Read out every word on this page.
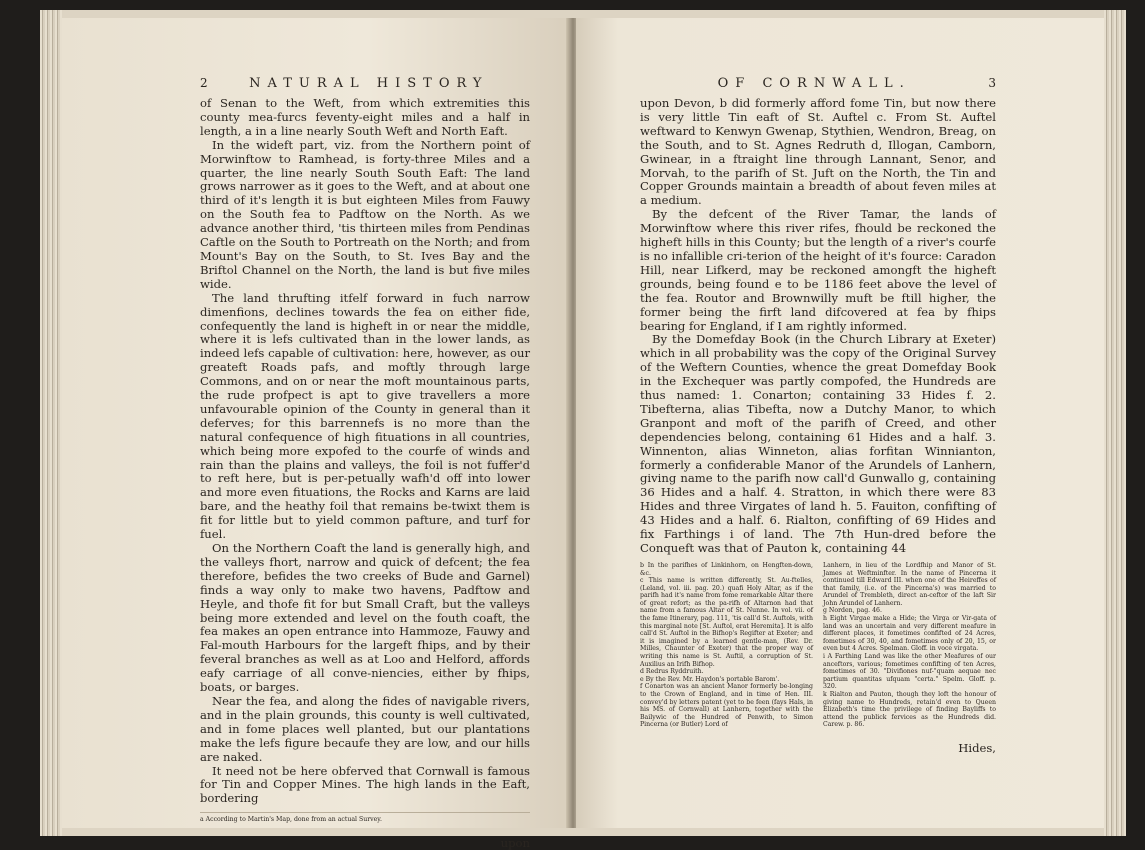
2	NATURAL HISTORY

of Senan to the Weft, from which extremities this county mea-furcs feventy-eight miles and a half in length, a in a line nearly South Weft and North Eaft.

In the wideft part, viz. from the Northern point of Morwinftow to Ramhead, is forty-three Miles and a quarter, the line nearly South South Eaft: The land grows narrower as it goes to the Weft, and at about one third of it's length it is but eighteen Miles from Fauwy on the South fea to Padftow on the North. As we advance another third, 'tis thirteen miles from Pendinas Caftle on the South to Portreath on the North; and from Mount's Bay on the South, to St. Ives Bay and the Briftol Channel on the North, the land is but five miles wide.

The land thrufting itfelf forward in fuch narrow dimenfions, declines towards the fea on either fide, confequently the land is higheft in or near the middle, where it is lefs cultivated than in the lower lands, as indeed lefs capable of cultivation: here, however, as our greateft Roads pafs, and moftly through large Commons, and on or near the moft mountainous parts, the rude profpect is apt to give travellers a more unfavourable opinion of the County in general than it deferves; for this barrennefs is no more than the natural confequence of high fituations in all countries, which being more expofed to the courfe of winds and rain than the plains and valleys, the foil is not fuffer'd to reft here, but is per-petually wafh'd off into lower and more even fituations, the Rocks and Karns are laid bare, and the heathy foil that remains be-twixt them is fit for little but to yield common pafture, and turf for fuel.

On the Northern Coaft the land is generally high, and the valleys fhort, narrow and quick of defcent; the fea therefore, befides the two creeks of Bude and Garnel) finds a way only to make two havens, Padftow and Heyle, and thofe fit for but Small Craft, but the valleys being more extended and level on the fouth coaft, the fea makes an open entrance into Hammoze, Fauwy and Fal-mouth Harbours for the largeft fhips, and by their feveral branches as well as at Loo and Helford, affords eafy carriage of all conve-niencies, either by fhips, boats, or barges.

Near the fea, and along the fides of navigable rivers, and in the plain grounds, this county is well cultivated, and in fome places well planted, but our plantations make the lefs figure becaufe they are low, and our hills are naked.

It need not be here obferved that Cornwall is famous for Tin and Copper Mines. The high lands in the Eaft, bordering

a According to Martin's Map, done from an actual Survey.

upon
OF CORNWALL.	3

upon Devon, b did formerly afford fome Tin, but now there is very little Tin eaft of St. Auftel c. From St. Auftel weftward to Kenwyn Gwenap, Stythien, Wendron, Breag, on the South, and to St. Agnes Redruth d, Illogan, Camborn, Gwinear, in a ftraight line through Lannant, Senor, and Morvah, to the parifh of St. Juft on the North, the Tin and Copper Grounds maintain a breadth of about feven miles at a medium.

By the defcent of the River Tamar, the lands of Morwinftow where this river rifes, fhould be reckoned the higheft hills in this County; but the length of a river's courfe is no infallible cri-terion of the height of it's fource: Caradon Hill, near Lifkerd, may be reckoned amongft the higheft grounds, being found e to be 1186 feet above the level of the fea. Routor and Brownwilly muft be ftill higher, the former being the firft land difcovered at fea by fhips bearing for England, if I am rightly informed.

By the Domefday Book (in the Church Library at Exeter) which in all probability was the copy of the Original Survey of the Weftern Counties, whence the great Domefday Book in the Exchequer was partly compofed, the Hundreds are thus named: 1. Conarton; containing 33 Hides f. 2. Tibefterna, alias Tibefta, now a Dutchy Manor, to which Granpont and moft of the parifh of Creed, and other dependencies belong, containing 61 Hides and a half. 3. Winnenton, alias Winneton, alias forfitan Winnianton, formerly a confiderable Manor of the Arundels of Lanhern, giving name to the parifh now call'd Gunwallo g, containing 36 Hides and a half. 4. Stratton, in which there were 83 Hides and three Virgates of land h. 5. Fauiton, confifting of 43 Hides and a half. 6. Rialton, confifting of 69 Hides and fix Farthings i of land. The 7th Hun-dred before the Conqueft was that of Pauton k, containing 44

b In the parifhes of Linkinhorn, on Hengften-down, &c.

c This name is written differently, St. Au-ftelles, (Leland, vol. iii. pag. 20.) quafi Holy Altar, as if the parifh had it's name from fome remarkable Altar there of great refort; as the pa-rifh of Altarnon had that name from a famous Altar of St. Nunne. In vol. vii. of the fame Itinerary, pag. 111, 'tis call'd St. Auftols, with this marginal note [St. Auftol, erat Heremita]. It is alfo call'd St. Auftol in the Bifhop's Regifter at Exeter; and it is imagined by a learned gentle-man, (Rev. Dr. Milles, Chaunter of Exeter) that the proper way of writing this name is St. Auftil, a corruption of St. Auxilius an Irifh Bifhop.

d Redrus Ryddruith.

e By the Rev. Mr. Haydon's portable Barom'.

f Conarton was an ancient Manor formerly be-longing to the Crown of England, and in time of Hen. III. convey'd by letters patent (yet to be feen (fays Hals, in his MS. of Cornwall) at Lanhern, together with the Bailywic of the Hundred of Penwith, to Simon Pincerna (or Butler) Lord of

Lanhern, in lieu of the Lordfhip and Manor of St. James at Weftminfter. In the name of Pincerna it continued till Edward III. when one of the Heireffes of that family, (i.e. of the Pincerna's) was married to Arundel of Trembleth, direct an-ceftor of the laft Sir John Arundel of Lanhern.

g Norden, pag. 46.

h Eight Virgae make a Hide; the Virga or Vir-gata of land was an uncertain and very different meafure in different places, it fometimes confifted of 24 Acres, fometimes of 30, 40, and fometimes only of 20, 15, or even but 4 Acres. Spelman. Gloff. in voce virgata.

i A Farthing Land was like the other Meafures of our anceftors, various; fometimes confifting of ten Acres, fometimes of 30. "Divifiones nuf-"quam aequae nec partium quantitas ufquam "certa." Spelm. Gloff. p. 320.

k Rialton and Pauton, though they loft the honour of giving name to Hundreds, retain'd even to Queen Elizabeth's time the privilege of finding Bayliffs to attend the publick fervices as the Hundreds did. Carew. p. 86.

Hides,
